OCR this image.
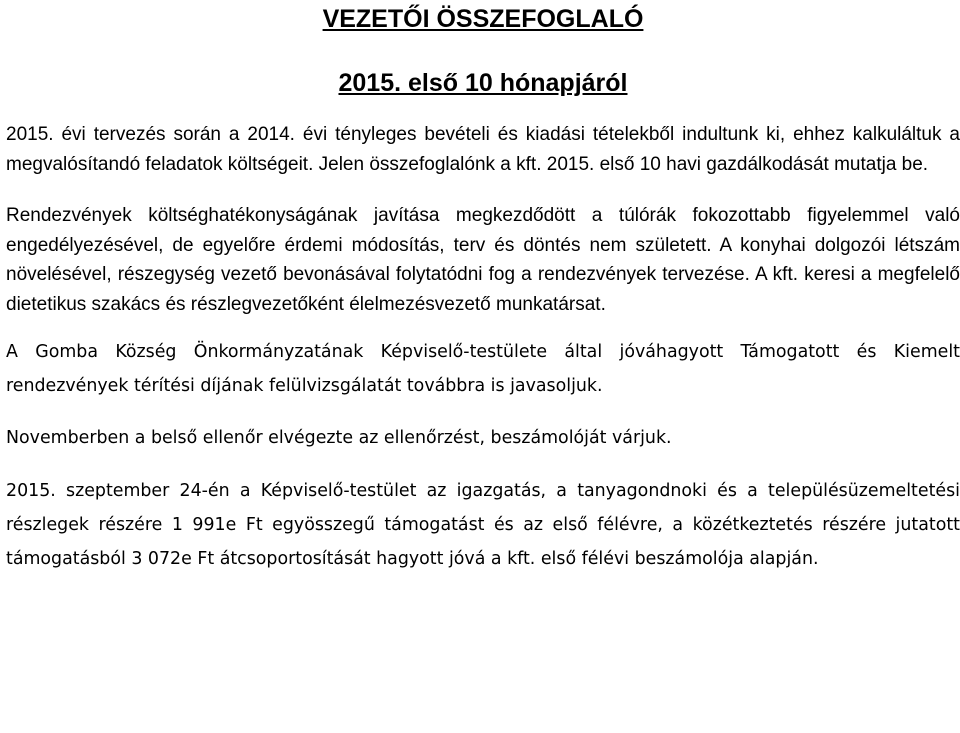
VEZETŐI ÖSSZEFOGLALÓ
2015. első 10 hónapjáról

2015. évi tervezés során a 2014. évi tényleges bevételi és kiadási tételekből indultunk ki, ehhez kalkuláltuk a megvalósítandó feladatok költségeit. Jelen összefoglalónk a kft. 2015. első 10 havi gazdálkodását mutatja be.

Rendezvények költséghatékonyságának javítása megkezdődött a túlórák fokozottabb figyelemmel való engedélyezésével, de egyelőre érdemi módosítás, terv és döntés nem született. A konyhai dolgozói létszám növelésével, részegység vezető bevonásával folytatódni fog a rendezvények tervezése. A kft. keresi a megfelelő dietetikus szakács és részlegvezetőként élelmezésvezető munkatársat.

A Gomba Község Önkormányzatának Képviselő-testülete által jóváhagyott Támogatott és Kiemelt rendezvények térítési díjának felülvizsgálatát továbbra is javasoljuk.

Novemberben a belső ellenőr elvégezte az ellenőrzést, beszámolóját várjuk.

2015. szeptember 24-én a Képviselő-testület az igazgatás, a tanyagondnoki és a településüzemeltetési részlegek részére 1 991e Ft egyösszegű támogatást és az első félévre, a közétkeztetés részére jutatott támogatásból 3 072e Ft átcsoportosítását hagyott jóvá a kft. első félévi beszámolója alapján.
